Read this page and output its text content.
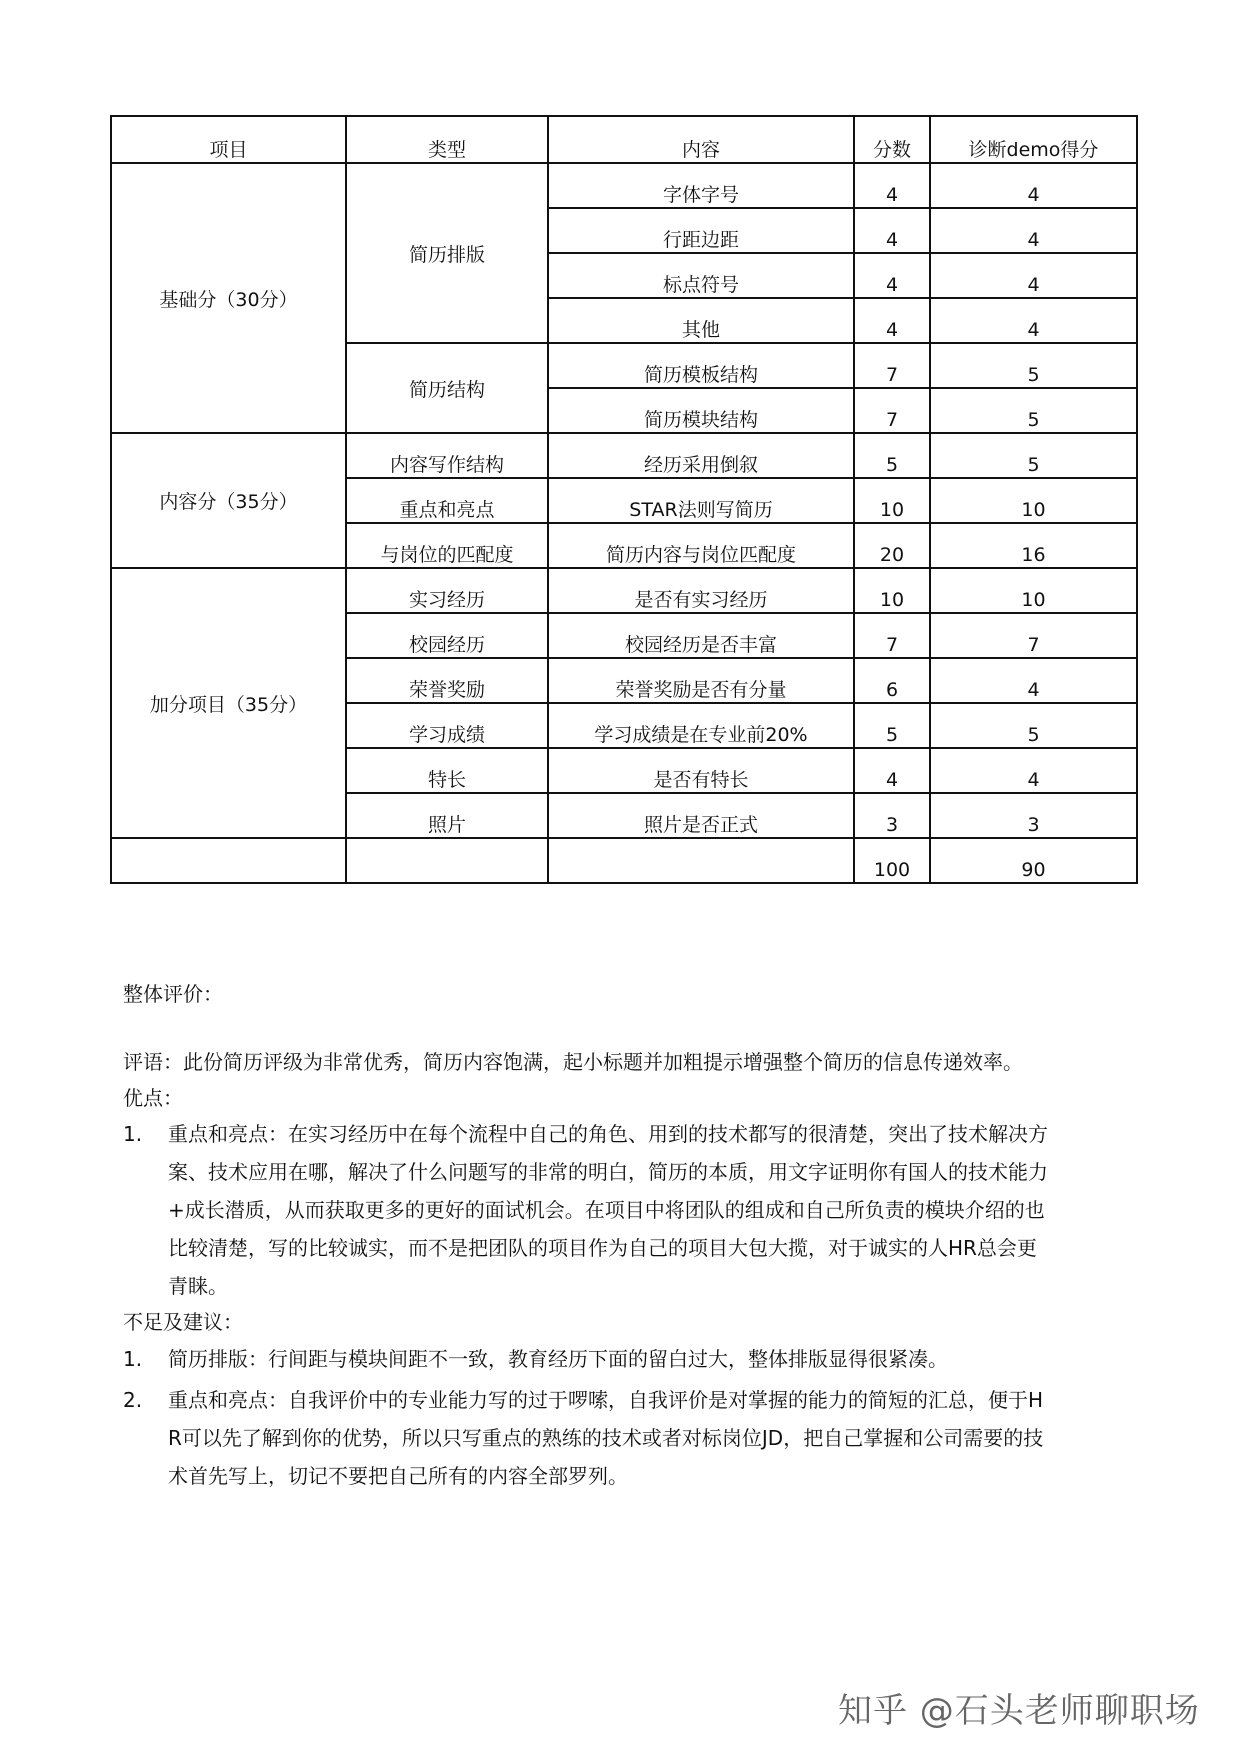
项目	类型	内容	分数	诊断demo得分
基础分（30分）	简历排版	字体字号	4	4
		行距边距	4	4
		标点符号	4	4
		其他	4	4
	简历结构	简历模板结构	7	5
		简历模块结构	7	5
内容分（35分）	内容写作结构	经历采用倒叙	5	5
	重点和亮点	STAR法则写简历	10	10
	与岗位的匹配度	简历内容与岗位匹配度	20	16
加分项目（35分）	实习经历	是否有实习经历	10	10
	校园经历	校园经历是否丰富	7	7
	荣誉奖励	荣誉奖励是否有分量	6	4
	学习成绩	学习成绩是在专业前20%	5	5
	特长	是否有特长	4	4
	照片	照片是否正式	3	3
			100	90
整体评价：
评语：此份简历评级为非常优秀，简历内容饱满，起小标题并加粗提示增强整个简历的信息传递效率。
优点：
1. 重点和亮点：在实习经历中在每个流程中自己的角色、用到的技术都写的很清楚，突出了技术解决方
案、技术应用在哪，解决了什么问题写的非常的明白，简历的本质，用文字证明你有国人的技术能力
+成长潜质，从而获取更多的更好的面试机会。在项目中将团队的组成和自己所负责的模块介绍的也
比较清楚，写的比较诚实，而不是把团队的项目作为自己的项目大包大揽，对于诚实的人HR总会更
青睐。
不足及建议：
1. 简历排版：行间距与模块间距不一致，教育经历下面的留白过大，整体排版显得很紧凑。
2. 重点和亮点：自我评价中的专业能力写的过于啰嗦，自我评价是对掌握的能力的简短的汇总，便于H
R可以先了解到你的优势，所以只写重点的熟练的技术或者对标岗位JD，把自己掌握和公司需要的技
术首先写上，切记不要把自己所有的内容全部罗列。
知乎 @石头老师聊职场
